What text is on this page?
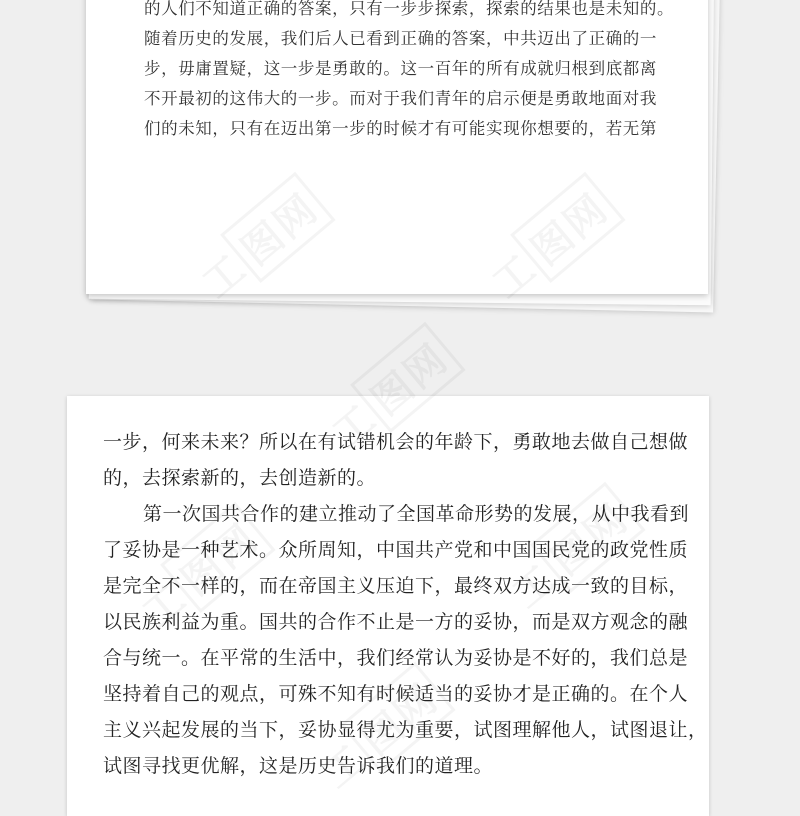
的人们不知道正确的答案，只有一步步探索，探索的结果也是未知的。
随着历史的发展，我们后人已看到正确的答案，中共迈出了正确的一
步，毋庸置疑，这一步是勇敢的。这一百年的所有成就归根到底都离
不开最初的这伟大的一步。而对于我们青年的启示便是勇敢地面对我
们的未知，只有在迈出第一步的时候才有可能实现你想要的，若无第
一步，何来未来？所以在有试错机会的年龄下，勇敢地去做自己想做
的，去探索新的，去创造新的。
第一次国共合作的建立推动了全国革命形势的发展，从中我看到
了妥协是一种艺术。众所周知，中国共产党和中国国民党的政党性质
是完全不一样的，而在帝国主义压迫下，最终双方达成一致的目标，
以民族利益为重。国共的合作不止是一方的妥协，而是双方观念的融
合与统一。在平常的生活中，我们经常认为妥协是不好的，我们总是
坚持着自己的观点，可殊不知有时候适当的妥协才是正确的。在个人
主义兴起发展的当下，妥协显得尤为重要，试图理解他人，试图退让，
试图寻找更优解，这是历史告诉我们的道理。
